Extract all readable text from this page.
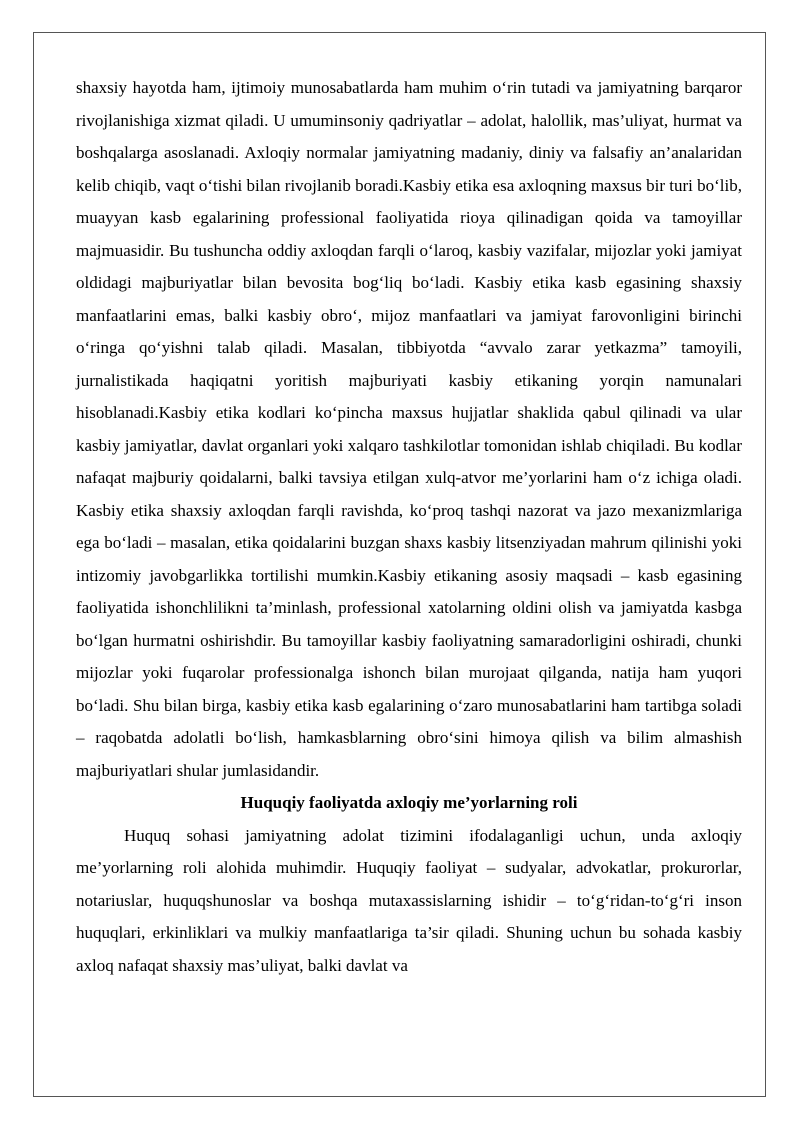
shaxsiy hayotda ham, ijtimoiy munosabatlarda ham muhim o‘rin tutadi va jamiyatning barqaror rivojlanishiga xizmat qiladi. U umuminsoniy qadriyatlar – adolat, halollik, mas’uliyat, hurmat va boshqalarga asoslanadi. Axloqiy normalar jamiyatning madaniy, diniy va falsafiy an’analaridan kelib chiqib, vaqt o‘tishi bilan rivojlanib boradi.Kasbiy etika esa axloqning maxsus bir turi bo‘lib, muayyan kasb egalarining professional faoliyatida rioya qilinadigan qoida va tamoyillar majmuasidir. Bu tushuncha oddiy axloqdan farqli o‘laroq, kasbiy vazifalar, mijozlar yoki jamiyat oldidagi majburiyatlar bilan bevosita bog‘liq bo‘ladi. Kasbiy etika kasb egasining shaxsiy manfaatlarini emas, balki kasbiy obro‘, mijoz manfaatlari va jamiyat farovonligini birinchi o‘ringa qo‘yishni talab qiladi. Masalan, tibbiyotda “avvalo zarar yetkazma” tamoyili, jurnalistikada haqiqatni yoritish majburiyati kasbiy etikaning yorqin namunalari hisoblanadi.Kasbiy etika kodlari ko‘pincha maxsus hujjatlar shaklida qabul qilinadi va ular kasbiy jamiyatlar, davlat organlari yoki xalqaro tashkilotlar tomonidan ishlab chiqiladi. Bu kodlar nafaqat majburiy qoidalarni, balki tavsiya etilgan xulq-atvor me’yorlarini ham o‘z ichiga oladi. Kasbiy etika shaxsiy axloqdan farqli ravishda, ko‘proq tashqi nazorat va jazo mexanizmlariga ega bo‘ladi – masalan, etika qoidalarini buzgan shaxs kasbiy litsenziyadan mahrum qilinishi yoki intizomiy javobgarlikka tortilishi mumkin.Kasbiy etikaning asosiy maqsadi – kasb egasining faoliyatida ishonchlilikni ta’minlash, professional xatolarning oldini olish va jamiyatda kasbga bo‘lgan hurmatni oshirishdir. Bu tamoyillar kasbiy faoliyatning samaradorligini oshiradi, chunki mijozlar yoki fuqarolar professionalga ishonch bilan murojaat qilganda, natija ham yuqori bo‘ladi. Shu bilan birga, kasbiy etika kasb egalarining o‘zaro munosabatlarini ham tartibga soladi – raqobatda adolatli bo‘lish, hamkasblarning obro‘sini himoya qilish va bilim almashish majburiyatlari shular jumlasidandir.

Huquqiy faoliyatda axloqiy me’yorlarning roli

Huquq sohasi jamiyatning adolat tizimini ifodalaganligi uchun, unda axloqiy me’yorlarning roli alohida muhimdir. Huquqiy faoliyat – sudyalar, advokatlar, prokurorlar, notariuslar, huquqshunoslar va boshqa mutaxassislarning ishidir – to‘g‘ridan-to‘g‘ri inson huquqlari, erkinliklari va mulkiy manfaatlariga ta’sir qiladi. Shuning uchun bu sohada kasbiy axloq nafaqat shaxsiy mas’uliyat, balki davlat va
